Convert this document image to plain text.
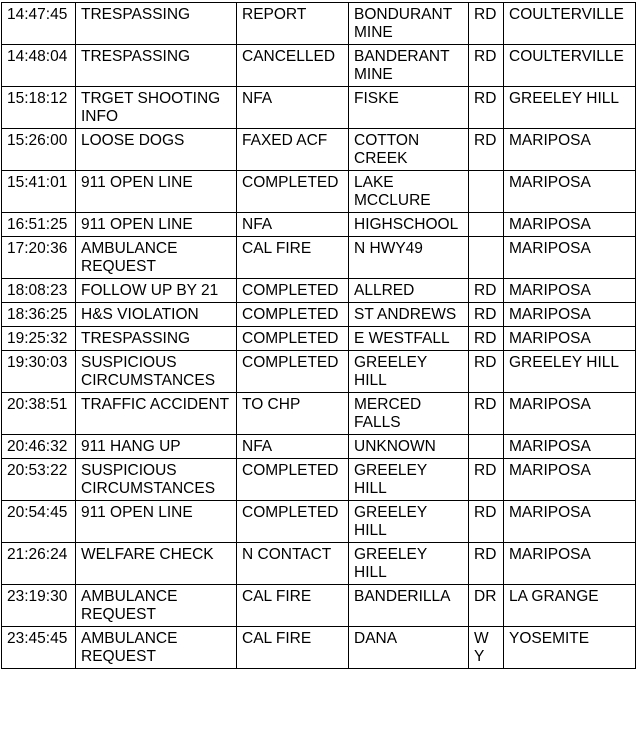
14:47:45	TRESPASSING	REPORT	BONDURANT MINE	RD	COULTERVILLE
14:48:04	TRESPASSING	CANCELLED	BANDERANT MINE	RD	COULTERVILLE
15:18:12	TRGET SHOOTING INFO	NFA	FISKE	RD	GREELEY HILL
15:26:00	LOOSE DOGS	FAXED ACF	COTTON CREEK	RD	MARIPOSA
15:41:01	911 OPEN LINE	COMPLETED	LAKE MCCLURE		MARIPOSA
16:51:25	911 OPEN LINE	NFA	HIGHSCHOOL		MARIPOSA
17:20:36	AMBULANCE REQUEST	CAL FIRE	N HWY49		MARIPOSA
18:08:23	FOLLOW UP BY 21	COMPLETED	ALLRED	RD	MARIPOSA
18:36:25	H&S VIOLATION	COMPLETED	ST ANDREWS	RD	MARIPOSA
19:25:32	TRESPASSING	COMPLETED	E WESTFALL	RD	MARIPOSA
19:30:03	SUSPICIOUS CIRCUMSTANCES	COMPLETED	GREELEY HILL	RD	GREELEY HILL
20:38:51	TRAFFIC ACCIDENT	TO CHP	MERCED FALLS	RD	MARIPOSA
20:46:32	911 HANG UP	NFA	UNKNOWN		MARIPOSA
20:53:22	SUSPICIOUS CIRCUMSTANCES	COMPLETED	GREELEY HILL	RD	MARIPOSA
20:54:45	911 OPEN LINE	COMPLETED	GREELEY HILL	RD	MARIPOSA
21:26:24	WELFARE CHECK	N CONTACT	GREELEY HILL	RD	MARIPOSA
23:19:30	AMBULANCE REQUEST	CAL FIRE	BANDERILLA	DR	LA GRANGE
23:45:45	AMBULANCE REQUEST	CAL FIRE	DANA	WY	YOSEMITE
